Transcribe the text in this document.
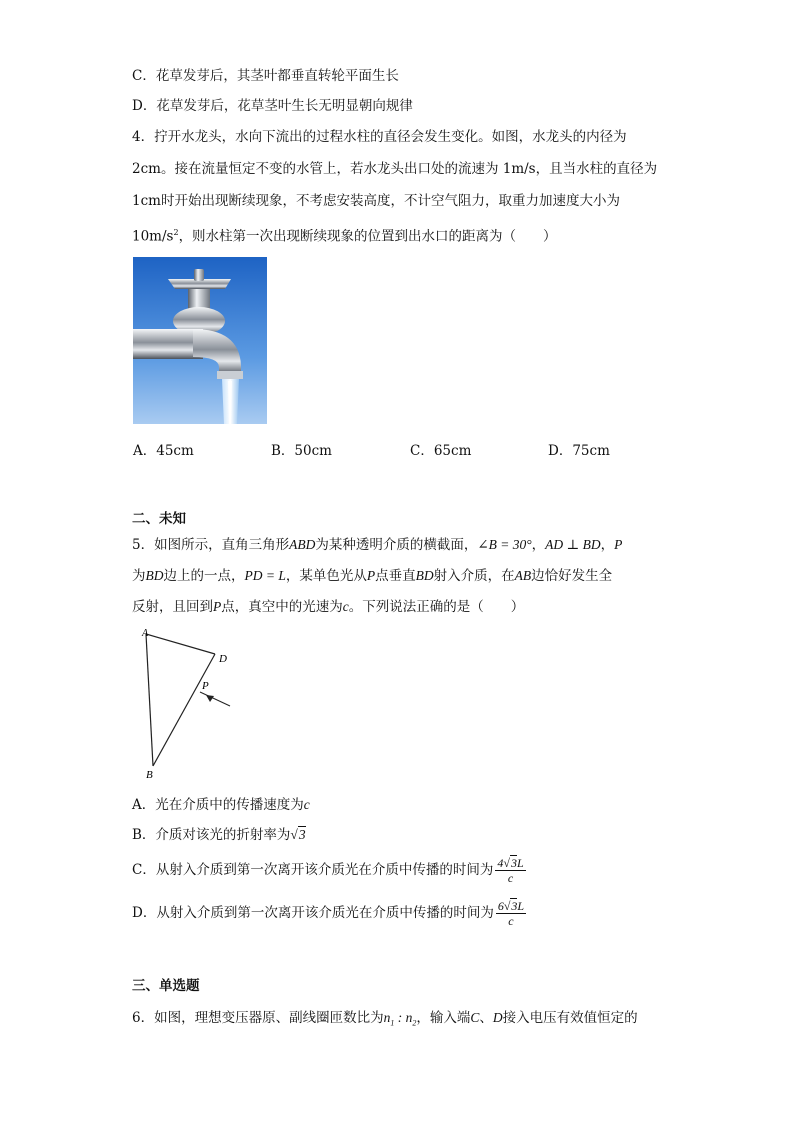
C．花草发芽后，其茎叶都垂直转轮平面生长
D．花草发芽后，花草茎叶生长无明显朝向规律
4．拧开水龙头，水向下流出的过程水柱的直径会发生变化。如图，水龙头的内径为
2cm。接在流量恒定不变的水管上，若水龙头出口处的流速为 1m/s，且当水柱的直径为
1cm时开始出现断续现象，不考虑安装高度，不计空气阻力，取重力加速度大小为
$10m/s^2$，则水柱第一次出现断续现象的位置到出水口的距离为（　　）
A．45cm	B．50cm	C．65cm	D．75cm
二、未知
5．如图所示，直角三角形ABD为某种透明介质的横截面，∠B = 30°，AD ⊥ BD，P
为BD边上的一点，PD = L，某单色光从P点垂直BD射入介质，在AB边恰好发生全
反射，且回到P点，真空中的光速为c。下列说法正确的是（　　）
A
D
P
B
A．光在介质中的传播速度为c
B．介质对该光的折射率为√3
C．从射入介质到第一次离开该介质光在介质中传播的时间为 $\frac{4√3L}{c}$
D．从射入介质到第一次离开该介质光在介质中传播的时间为 $\frac{6√3L}{c}$
三、单选题
6．如图，理想变压器原、副线圈匝数比为$n_1$ : $n_2$，输入端C、D接入电压有效值恒定的
